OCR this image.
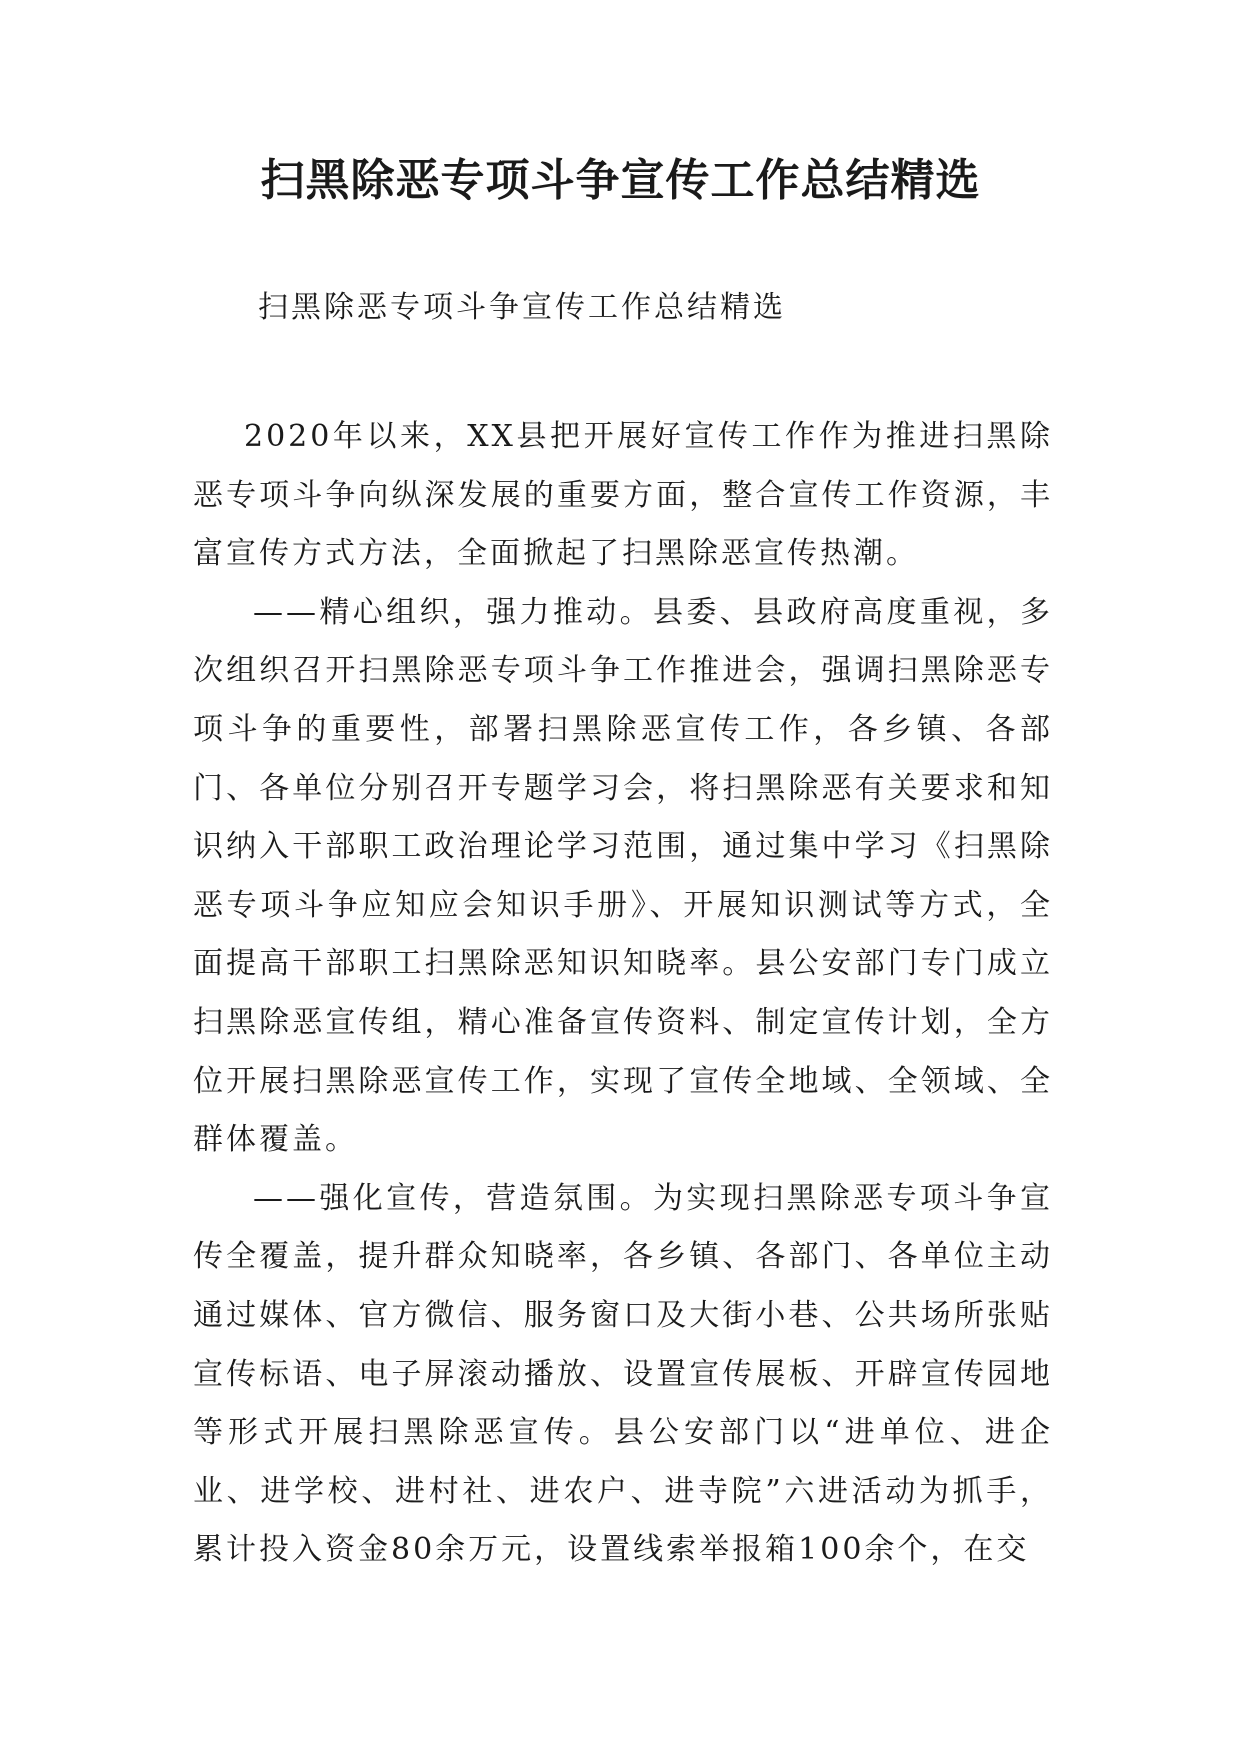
扫黑除恶专项斗争宣传工作总结精选
扫黑除恶专项斗争宣传工作总结精选

2020年以来，XX县把开展好宣传工作作为推进扫黑除恶专项斗争向纵深发展的重要方面，整合宣传工作资源，丰富宣传方式方法，全面掀起了扫黑除恶宣传热潮。

——精心组织，强力推动。县委、县政府高度重视，多次组织召开扫黑除恶专项斗争工作推进会，强调扫黑除恶专项斗争的重要性，部署扫黑除恶宣传工作，各乡镇、各部门、各单位分别召开专题学习会，将扫黑除恶有关要求和知识纳入干部职工政治理论学习范围，通过集中学习《扫黑除恶专项斗争应知应会知识手册》、开展知识测试等方式，全面提高干部职工扫黑除恶知识知晓率。县公安部门专门成立扫黑除恶宣传组，精心准备宣传资料、制定宣传计划，全方位开展扫黑除恶宣传工作，实现了宣传全地域、全领域、全群体覆盖。

——强化宣传，营造氛围。为实现扫黑除恶专项斗争宣传全覆盖，提升群众知晓率，各乡镇、各部门、各单位主动通过媒体、官方微信、服务窗口及大街小巷、公共场所张贴宣传标语、电子屏滚动播放、设置宣传展板、开辟宣传园地等形式开展扫黑除恶宣传。县公安部门以“进单位、进企业、进学校、进村社、进农户、进寺院”六进活动为抓手，累计投入资金80余万元，设置线索举报箱100余个，在交
